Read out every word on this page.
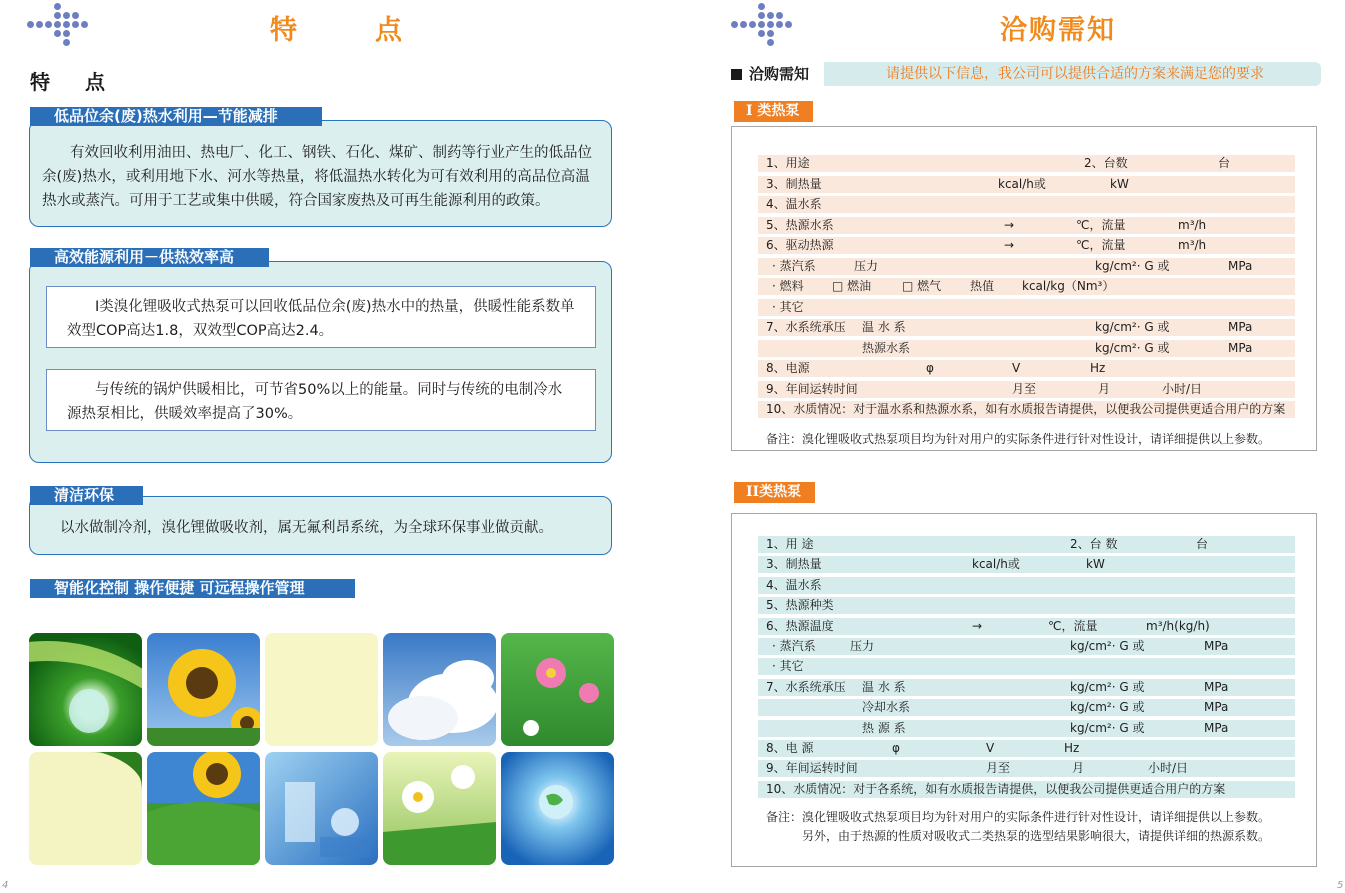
特　　点
特 点
有效回收利用油田、热电厂、化工、钢铁、石化、煤矿、制药等行业产生的低品位余(废)热水，或利用地下水、河水等热量，将低温热水转化为可有效利用的高品位高温热水或蒸汽。可用于工艺或集中供暖，符合国家废热及可再生能源利用的政策。
低品位余(废)热水利用—节能减排
Ⅰ类溴化锂吸收式热泵可以回收低品位余(废)热水中的热量，供暖性能系数单效型COP高达1.8，双效型COP高达2.4。
与传统的锅炉供暖相比，可节省50%以上的能量。同时与传统的电制冷水源热泵相比，供暖效率提高了30%。
高效能源利用－供热效率高
以水做制冷剂，溴化锂做吸收剂，属无氟利昂系统，为全球环保事业做贡献。
清洁环保
智能化控制 操作便捷 可远程操作管理
4
洽购需知
洽购需知	请提供以下信息，我公司可以提供合适的方案来满足您的要求
I 类热泵
1、用途	2、台数	台
3、制热量	kcal/h或	kW
4、温水系
5、热源水系	→	℃，流量	m³/h
6、驱动热源	→	℃，流量	m³/h
· 蒸汽系	压力	kg/cm²· G 或	MPa
· 燃料 □ 燃油	□ 燃气 热值 kcal/kg（Nm³）
· 其它
7、水系统承压 温 水 系	kg/cm²· G 或	MPa
热源水系	kg/cm²· G 或	MPa
8、电源	φ	V	Hz
9、年间运转时间	月至	月	小时/日
10、水质情况：对于温水系和热源水系，如有水质报告请提供，以便我公司提供更适合用户的方案
备注：溴化锂吸收式热泵项目均为针对用户的实际条件进行针对性设计，请详细提供以上参数。
II类热泵
1、用 途	2、台 数	台
3、制热量	kcal/h或	kW
4、温水系
5、热源种类
6、热源温度	→	℃，流量	m³/h(kg/h)
· 蒸汽系	压力	kg/cm²· G 或	MPa
· 其它
7、水系统承压 温 水 系	kg/cm²· G 或	MPa
冷却水系	kg/cm²· G 或	MPa
热 源 系	kg/cm²· G 或	MPa
8、电 源	φ	V	Hz
9、年间运转时间	月至	月	小时/日
10、水质情况：对于各系统，如有水质报告请提供，以便我公司提供更适合用户的方案
备注：溴化锂吸收式热泵项目均为针对用户的实际条件进行针对性设计，请详细提供以上参数。
另外，由于热源的性质对吸收式二类热泵的选型结果影响很大，请提供详细的热源系数。
5
